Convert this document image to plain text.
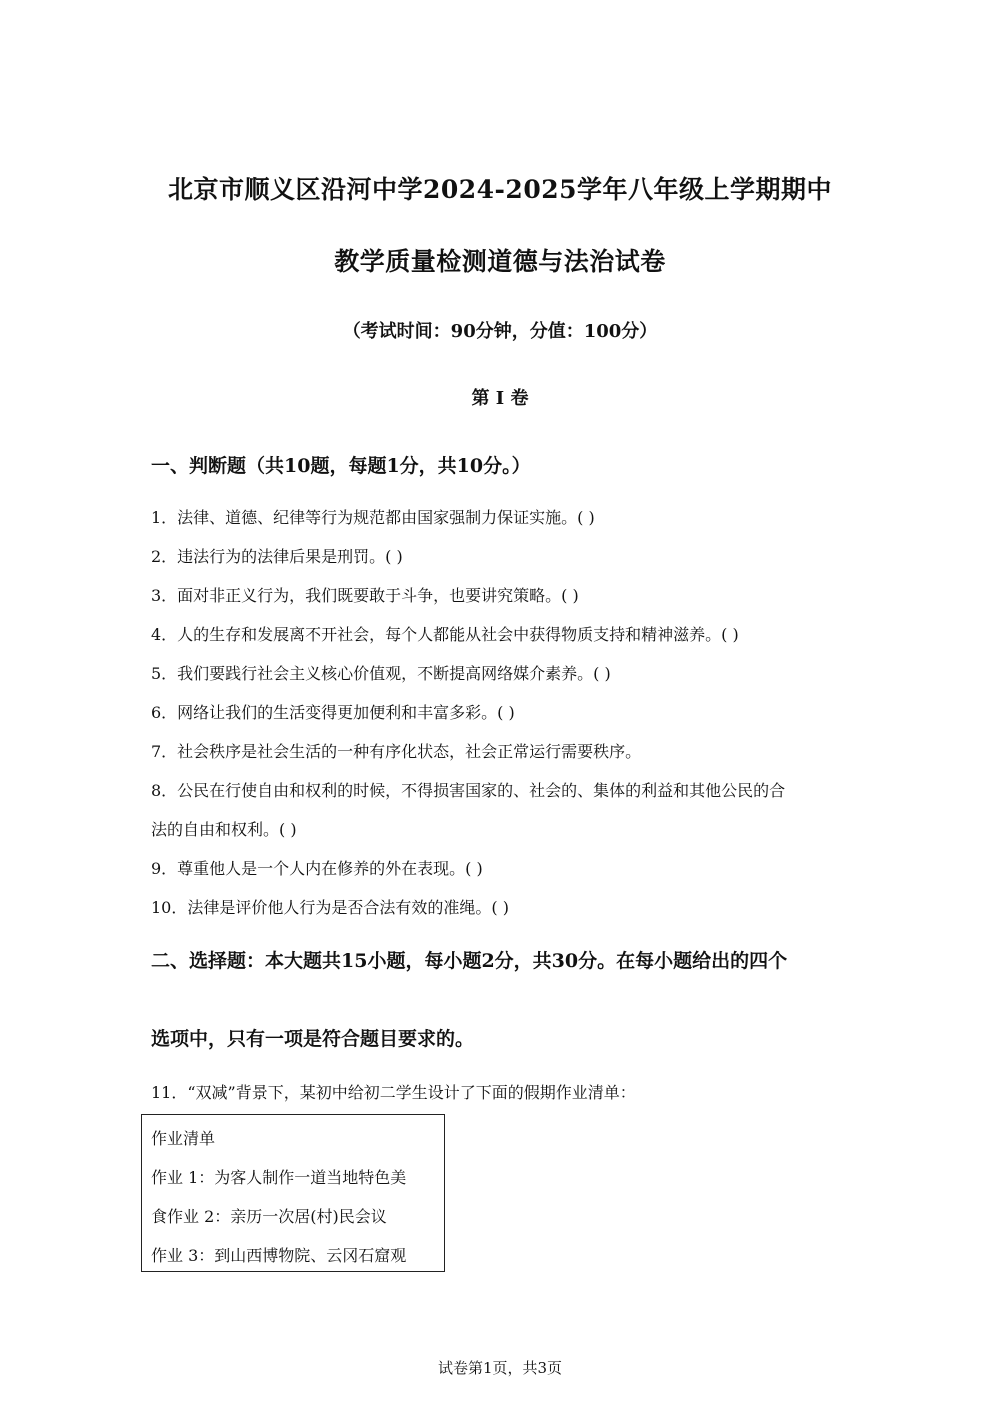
北京市顺义区沿河中学2024-2025学年八年级上学期期中
教学质量检测道德与法治试卷
（考试时间：90分钟，分值：100分）
第 I 卷
一、判断题（共10题，每题1分，共10分。）
1．法律、道德、纪律等行为规范都由国家强制力保证实施。( )
2．违法行为的法律后果是刑罚。( )
3．面对非正义行为，我们既要敢于斗争，也要讲究策略。( )
4．人的生存和发展离不开社会，每个人都能从社会中获得物质支持和精神滋养。( )
5．我们要践行社会主义核心价值观，不断提高网络媒介素养。( )
6．网络让我们的生活变得更加便利和丰富多彩。( )
7．社会秩序是社会生活的一种有序化状态，社会正常运行需要秩序。
8．公民在行使自由和权利的时候，不得损害国家的、社会的、集体的利益和其他公民的合
法的自由和权利。( )
9．尊重他人是一个人内在修养的外在表现。( )
10．法律是评价他人行为是否合法有效的准绳。( )
二、选择题：本大题共15小题，每小题2分，共30分。在每小题给出的四个
选项中，只有一项是符合题目要求的。
11．“双减”背景下，某初中给初二学生设计了下面的假期作业清单：
作业清单
作业 1：为客人制作一道当地特色美
食作业 2：亲历一次居(村)民会议
作业 3：到山西博物院、云冈石窟观
试卷第1页，共3页
